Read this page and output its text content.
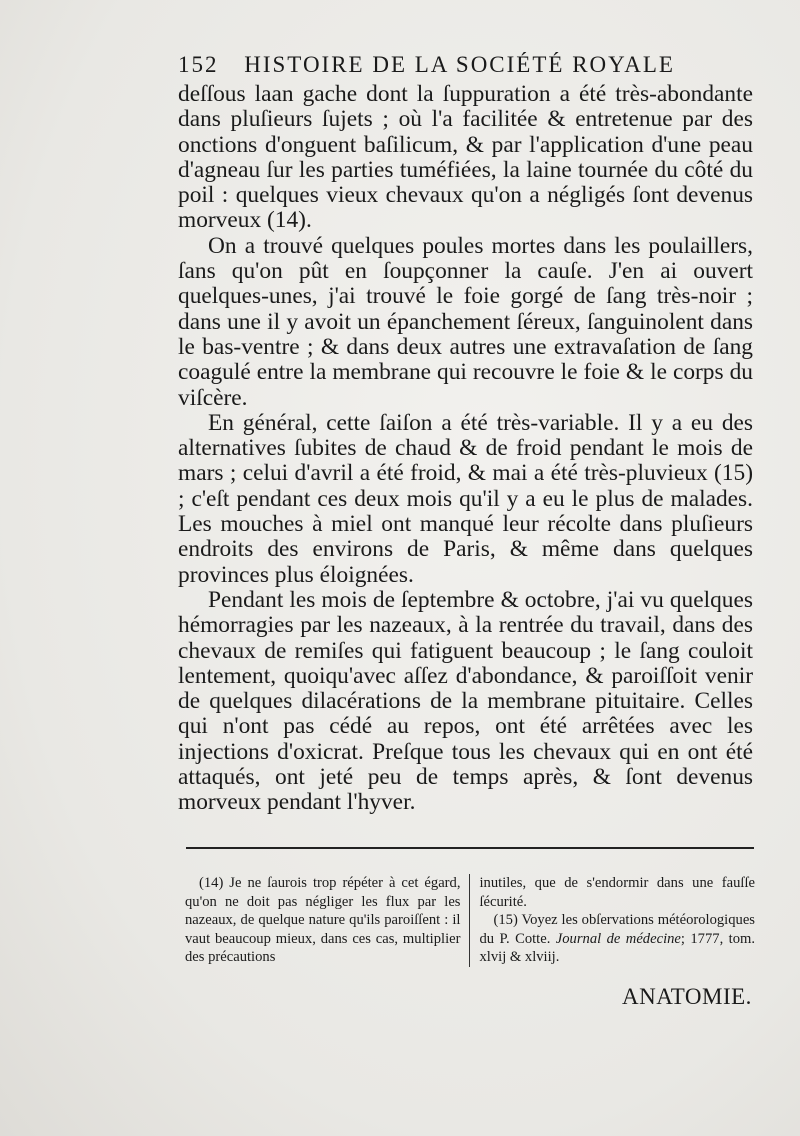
152 HISTOIRE DE LA SOCIÉTÉ ROYALE

deſſous laan gache dont la ſuppuration a été très-abondante dans pluſieurs ſujets ; où l'a facilitée & entretenue par des onctions d'onguent baſilicum, & par l'application d'une peau d'agneau ſur les parties tuméfiées, la laine tournée du côté du poil : quelques vieux chevaux qu'on a négligés ſont devenus morveux (14).

On a trouvé quelques poules mortes dans les poulaillers, ſans qu'on pût en ſoupçonner la cauſe. J'en ai ouvert quelques-unes, j'ai trouvé le foie gorgé de ſang très-noir ; dans une il y avoit un épanchement ſéreux, ſanguinolent dans le bas-ventre ; & dans deux autres une extravaſation de ſang coagulé entre la membrane qui recouvre le foie & le corps du viſcère.

En général, cette ſaiſon a été très-variable. Il y a eu des alternatives ſubites de chaud & de froid pendant le mois de mars ; celui d'avril a été froid, & mai a été très-pluvieux (15) ; c'eſt pendant ces deux mois qu'il y a eu le plus de malades. Les mouches à miel ont manqué leur récolte dans pluſieurs endroits des environs de Paris, & même dans quelques provinces plus éloignées.

Pendant les mois de ſeptembre & octobre, j'ai vu quelques hémorragies par les nazeaux, à la rentrée du travail, dans des chevaux de remiſes qui fatiguent beaucoup ; le ſang couloit lentement, quoiqu'avec aſſez d'abondance, & paroiſſoit venir de quelques dilacérations de la membrane pituitaire. Celles qui n'ont pas cédé au repos, ont été arrêtées avec les injections d'oxicrat. Preſque tous les chevaux qui en ont été attaqués, ont jeté peu de temps après, & ſont devenus morveux pendant l'hyver.

(14) Je ne ſaurois trop répéter à cet égard, qu'on ne doit pas négliger les flux par les nazeaux, de quelque nature qu'ils paroiſſent : il vaut beaucoup mieux, dans ces cas, multiplier des précautions

inutiles, que de s'endormir dans une fauſſe ſécurité.

(15) Voyez les obſervations météorologiques du P. Cotte. Journal de médecine; 1777, tom. xlvij & xlviij.

ANATOMIE.
